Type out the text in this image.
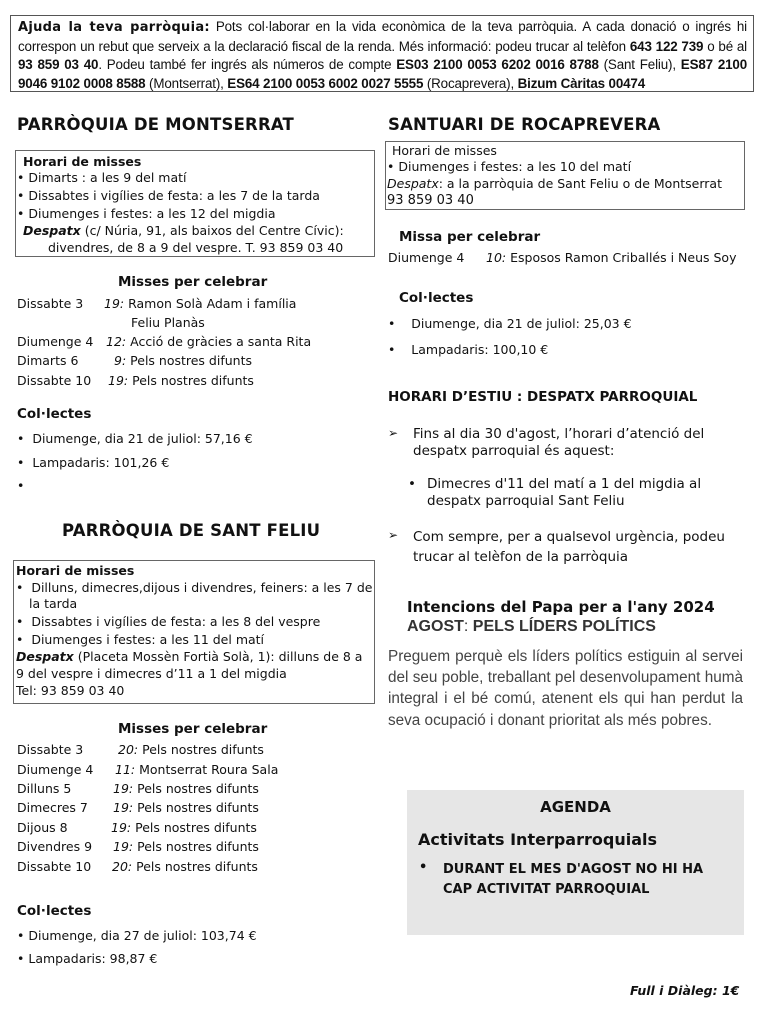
Ajuda la teva parròquia: Pots col·laborar en la vida econòmica de la teva parròquia. A cada donació o ingrés hi correspon un rebut que serveix a la declaració fiscal de la renda. Més informació: podeu trucar al telèfon 643 122 739 o bé al 93 859 03 40. Podeu també fer ingrés als números de compte ES03 2100 0053 6202 0016 8788 (Sant Feliu), ES87 2100 9046 9102 0008 8588 (Montserrat), ES64 2100 0053 6002 0027 5555 (Rocaprevera), Bizum Càritas 00474
PARRÒQUIA DE MONTSERRAT
Horari de misses
• Dimarts : a les 9 del matí
• Dissabtes i vigílies de festa: a les 7 de la tarda
• Diumenges i festes: a les 12 del migdia
Despatx (c/ Núria, 91, als baixos del Centre Cívic):
divendres, de 8 a 9 del vespre. T. 93 859 03 40
Misses per celebrar
Dissabte 3 19: Ramon Solà Adam i família
Feliu Planàs
Diumenge 4 12: Acció de gràcies a santa Rita
Dimarts 6	9: Pels nostres difunts
Dissabte 10 19: Pels nostres difunts
Col·lectes
•  Diumenge, dia 21 de juliol: 57,16 €
•  Lampadaris: 101,26 €
•
PARRÒQUIA DE SANT FELIU
Horari de misses
•  Dilluns, dimecres,dijous i divendres, feiners: a les 7 de
la tarda
•  Dissabtes i vigílies de festa: a les 8 del vespre
•  Diumenges i festes: a les 11 del matí
Despatx (Placeta Mossèn Fortià Solà, 1): dilluns de 8 a
9 del vespre i dimecres d’11 a 1 del migdia
Tel: 93 859 03 40
Misses per celebrar
Dissabte 3	20: Pels nostres difunts
Diumenge 4 11: Montserrat Roura Sala
Dilluns 5	19: Pels nostres difunts
Dimecres 7 19: Pels nostres difunts
Dijous 8	19: Pels nostres difunts
Divendres 9 19: Pels nostres difunts
Dissabte 10 20: Pels nostres difunts
Col·lectes
• Diumenge, dia 27 de juliol: 103,74 €
• Lampadaris: 98,87 €
SANTUARI DE ROCAPREVERA
Horari de misses
• Diumenges i festes: a les 10 del matí
Despatx: a la parròquia de Sant Feliu o de Montserrat
93 859 03 40
Missa per celebrar
Diumenge 4 10: Esposos Ramon Criballés i Neus Soy
Col·lectes
•    Diumenge, dia 21 de juliol: 25,03 €
•    Lampadaris: 100,10 €
HORARI D’ESTIU : DESPATX PARROQUIAL
➢ Fins al dia 30 d'agost, l’horari d’atenció del
despatx parroquial és aquest:
• Dimecres d'11 del matí a 1 del migdia al
despatx parroquial Sant Feliu
➢ Com sempre, per a qualsevol urgència, podeu
trucar al telèfon de la parròquia
Intencions del Papa per a l'any 2024
AGOST: PELS LÍDERS POLÍTICS
Preguem perquè els líders polítics estiguin al servei del seu poble, treballant pel desenvolupament humà integral i el bé comú, atenent els qui han perdut la seva ocupació i donant prioritat als més pobres.
AGENDA
Activitats Interparroquials
• DURANT EL MES D'AGOST NO HI HA
CAP ACTIVITAT PARROQUIAL
Full i Diàleg: 1€
